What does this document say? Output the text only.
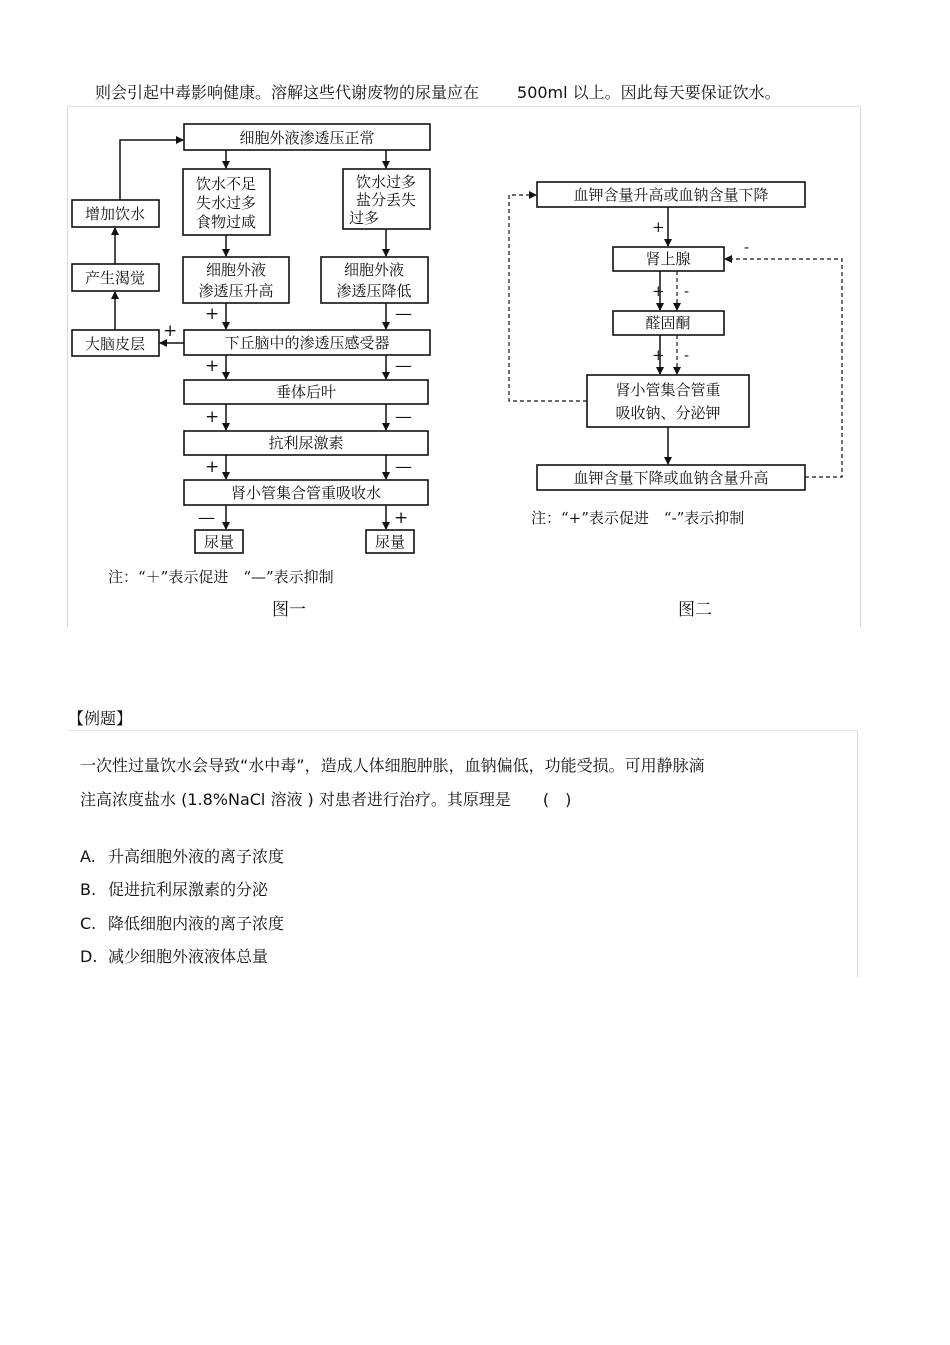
则会引起中毒影响健康。溶解这些代谢废物的尿量应在 500ml 以上。因此每天要保证饮水。
细胞外液渗透压正常
饮水不足
失水过多
食物过咸
饮水过多
盐分丢失
过多
细胞外液
渗透压升高
细胞外液
渗透压降低
下丘脑中的渗透压感受器
垂体后叶
抗利尿激素
肾小管集合管重吸收水
尿量	尿量
增加饮水
产生渴觉
大脑皮层
+	—
+
+	—
+	—
+	—
—	+
注：“＋”表示促进　“—”表示抑制
图一
血钾含量升高或血钠含量下降
肾上腺
醛固酮
肾小管集合管重
吸收钠、分泌钾
血钾含量下降或血钠含量升高
+
+ -
+ -
-
注：“+”表示促进　“-”表示抑制
图二
【例题】
一次性过量饮水会导致“水中毒”，造成人体细胞肿胀，血钠偏低，功能受损。可用静脉滴
注高浓度盐水 (1.8%NaCl 溶液 ) 对患者进行治疗。其原理是 ()
A. 升高细胞外液的离子浓度
B. 促进抗利尿激素的分泌
C. 降低细胞内液的离子浓度
D. 减少细胞外液液体总量
